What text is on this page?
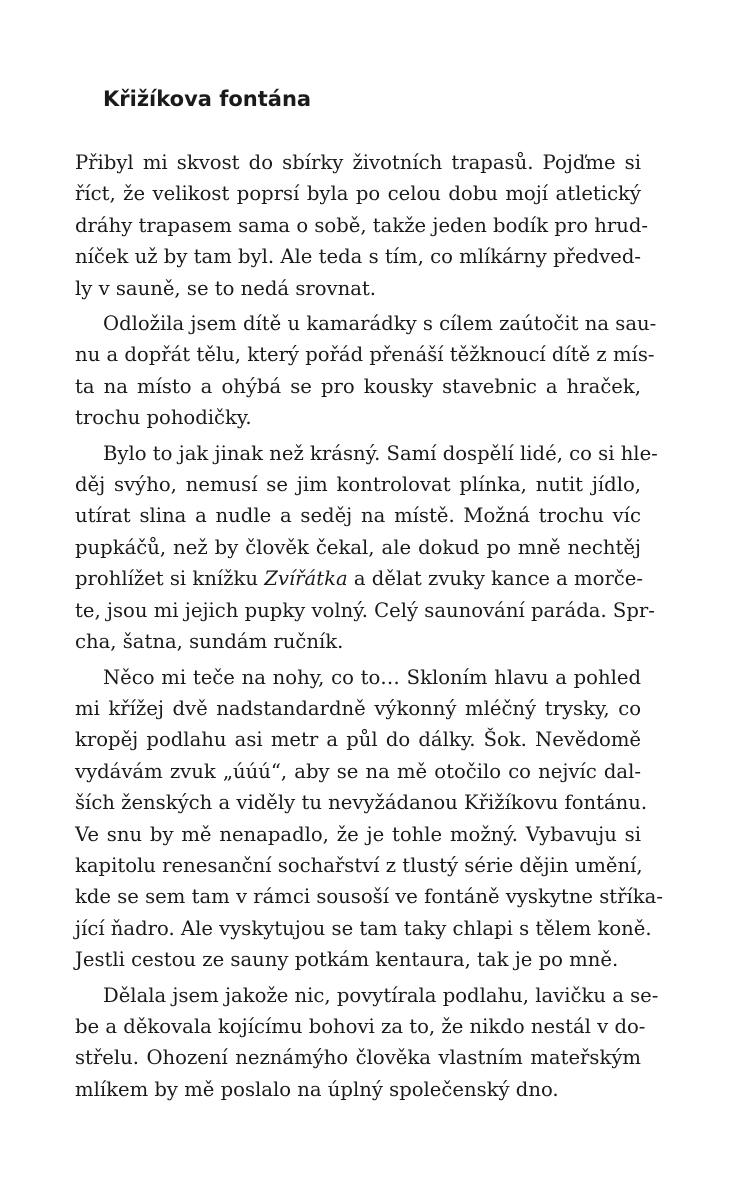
Křižíkova fontána

Přibyl mi skvost do sbírky životních trapasů. Pojďme si
říct, že velikost poprsí byla po celou dobu mojí atletický
dráhy trapasem sama o sobě, takže jeden bodík pro hrud-
níček už by tam byl. Ale teda s tím, co mlíkárny předved-
ly v sauně, se to nedá srovnat.

Odložila jsem dítě u kamarádky s cílem zaútočit na sau-
nu a dopřát tělu, který pořád přenáší těžknoucí dítě z mís-
ta na místo a ohýbá se pro kousky stavebnic a hraček,
trochu pohodičky.

Bylo to jak jinak než krásný. Samí dospělí lidé, co si hle-
děj svýho, nemusí se jim kontrolovat plínka, nutit jídlo,
utírat slina a nudle a seděj na místě. Možná trochu víc
pupkáčů, než by člověk čekal, ale dokud po mně nechtěj
prohlížet si knížku Zvířátka a dělat zvuky kance a morče-
te, jsou mi jejich pupky volný. Celý saunování paráda. Spr-
cha, šatna, sundám ručník.

Něco mi teče na nohy, co to… Skloním hlavu a pohled
mi křížej dvě nadstandardně výkonný mléčný trysky, co
kropěj podlahu asi metr a půl do dálky. Šok. Nevědomě
vydávám zvuk „úúú“, aby se na mě otočilo co nejvíc dal-
ších ženských a viděly tu nevyžádanou Křižíkovu fontánu.
Ve snu by mě nenapadlo, že je tohle možný. Vybavuju si
kapitolu renesanční sochařství z tlustý série dějin umění,
kde se sem tam v rámci sousoší ve fontáně vyskytne stříka-
jící ňadro. Ale vyskytujou se tam taky chlapi s tělem koně.
Jestli cestou ze sauny potkám kentaura, tak je po mně.

Dělala jsem jakože nic, povytírala podlahu, lavičku a se-
be a děkovala kojícímu bohovi za to, že nikdo nestál v do-
střelu. Ohození neznámýho člověka vlastním mateřským
mlíkem by mě poslalo na úplný společenský dno.
